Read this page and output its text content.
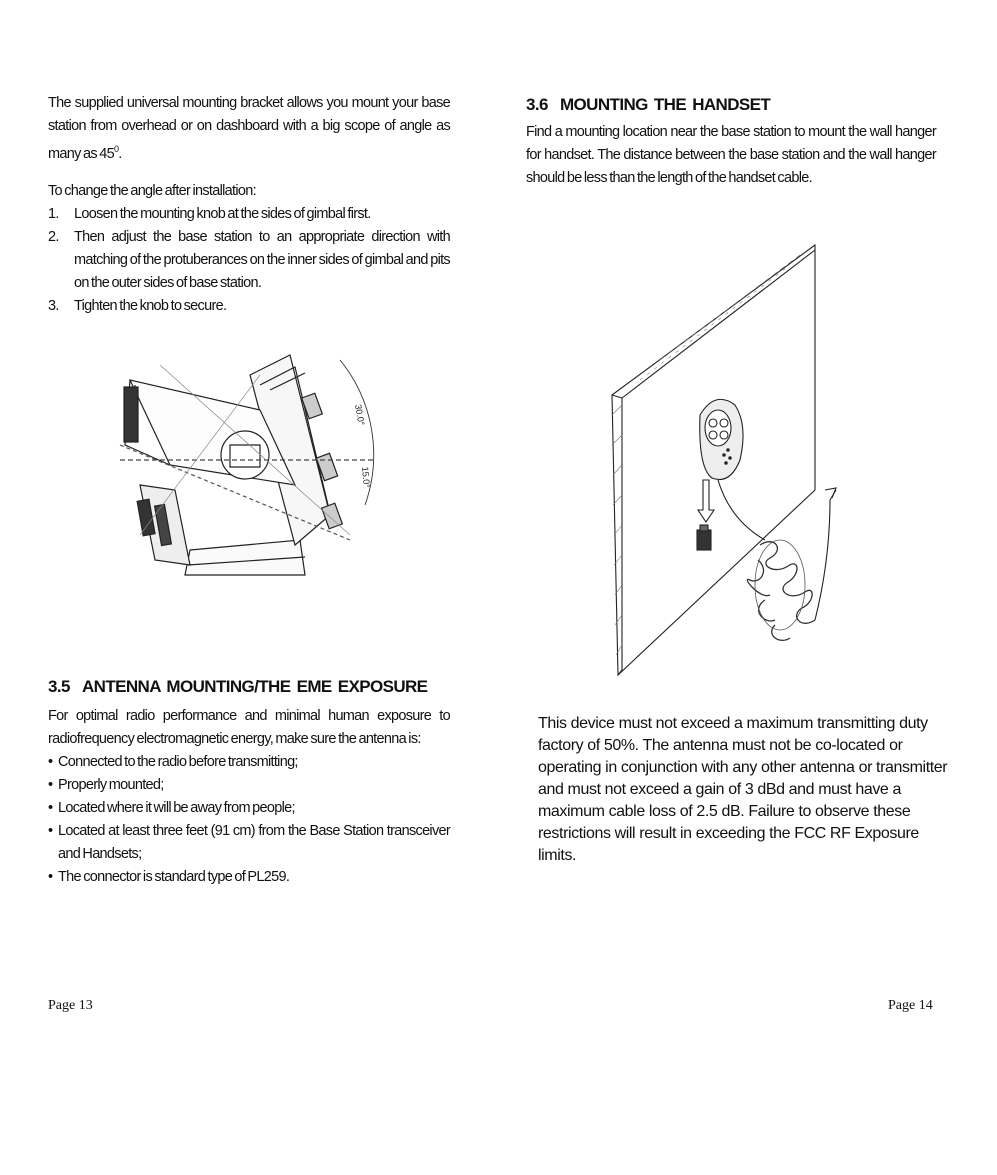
The supplied universal mounting bracket allows you mount your base station from overhead or on dashboard with a big scope of angle as many as $45^0$.

To change the angle after installation:

1. Loosen the mounting knob at the sides of gimbal first.
2. Then adjust the base station to an appropriate direction with matching of the protuberances on the inner sides of gimbal and pits on the outer sides of base station.
3. Tighten the knob to secure.
30.0°
15.0°
3.5 ANTENNA MOUNTING/THE EME EXPOSURE

For optimal radio performance and minimal human exposure to radiofrequency electromagnetic energy, make sure the antenna is:

• Connected to the radio before transmitting;
• Properly mounted;
• Located where it will be away from people;
• Located at least three feet (91 cm) from the Base Station transceiver and Handsets;
• The connector is standard type of PL259.
Page 13
3.6 MOUNTING THE HANDSET

Find a mounting location near the base station to mount the wall hanger for handset. The distance between the base station and the wall hanger should be less than the length of the handset cable.

This device must not exceed a maximum transmitting duty factory of 50%. The antenna must not be co-located or operating in conjunction with any other antenna or transmitter and must not exceed a gain of 3 dBd and must have a maximum cable loss of 2.5 dB. Failure to observe these restrictions will result in exceeding the FCC RF Exposure limits.

Page 14
